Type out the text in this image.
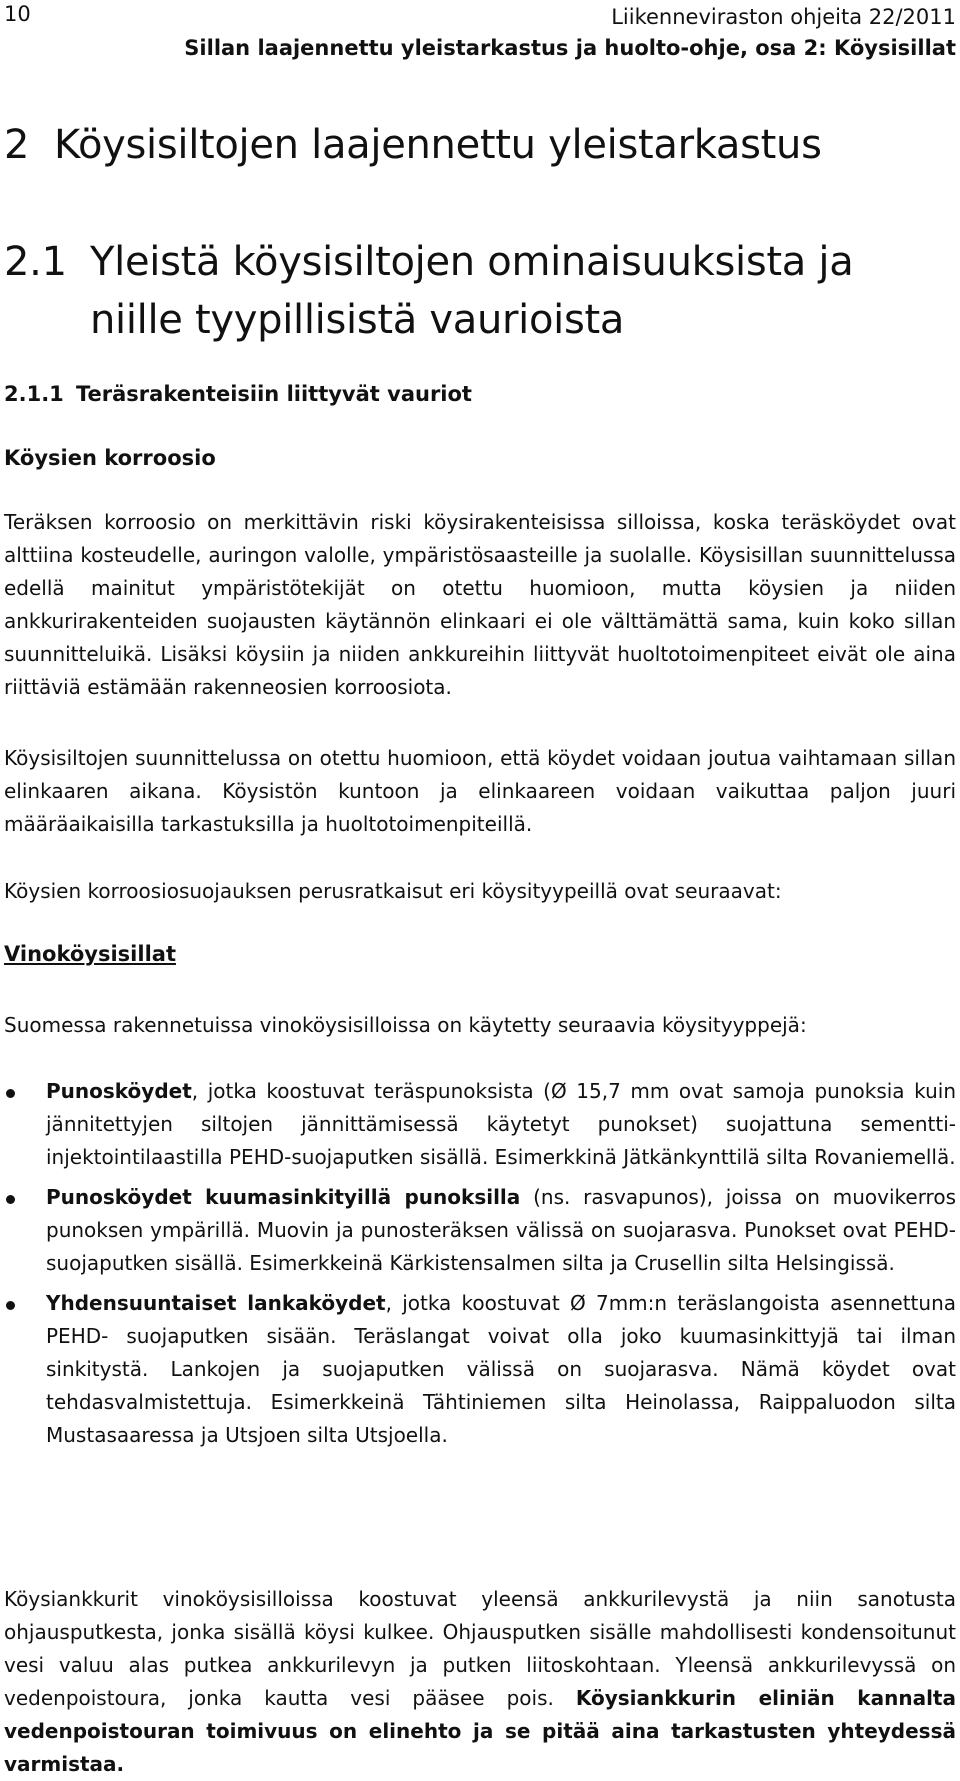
10	Liikenneviraston ohjeita 22/2011
Sillan laajennettu yleistarkastus ja huolto-ohje, osa 2: Köysisillat
2 Köysisiltojen laajennettu yleistarkastus
2.1 Yleistä köysisiltojen ominaisuuksista ja
niille tyypillisistä vaurioista
2.1.1 Teräsrakenteisiin liittyvät vauriot
Köysien korroosio
Teräksen korroosio on merkittävin riski köysirakenteisissa silloissa, koska teräsköydet ovat alttiina kosteudelle, auringon valolle, ympäristösaasteille ja suolalle. Köysisillan suunnittelussa edellä mainitut ympäristötekijät on otettu huomioon, mutta köysien ja niiden ankkurirakenteiden suojausten käytännön elinkaari ei ole välttämättä sama, kuin koko sillan suunnitteluikä. Lisäksi köysiin ja niiden ankkureihin liittyvät huoltotoimenpiteet eivät ole aina riittäviä estämään rakenneosien korroosiota.
Köysisiltojen suunnittelussa on otettu huomioon, että köydet voidaan joutua vaihtamaan sillan elinkaaren aikana. Köysistön kuntoon ja elinkaareen voidaan vaikuttaa paljon juuri määräaikaisilla tarkastuksilla ja huoltotoimenpiteillä.
Köysien korroosiosuojauksen perusratkaisut eri köysityypeillä ovat seuraavat:
Vinoköysisillat
Suomessa rakennetuissa vinoköysisilloissa on käytetty seuraavia köysityyppejä:
Punosköydet, jotka koostuvat teräspunoksista (Ø 15,7 mm ovat samoja punoksia kuin jännitettyjen siltojen jännittämisessä käytetyt punokset) suojattuna sementti-injektointilaastilla PEHD-suojaputken sisällä. Esimerkkinä Jätkänkynttilä silta Rovaniemellä.
Punosköydet kuumasinkityillä punoksilla (ns. rasvapunos), joissa on muovikerros punoksen ympärillä. Muovin ja punosteräksen välissä on suojarasva. Punokset ovat PEHD-suojaputken sisällä. Esimerkkeinä Kärkistensalmen silta ja Crusellin silta Helsingissä.
Yhdensuuntaiset lankaköydet, jotka koostuvat Ø 7mm:n teräslangoista asennettuna PEHD- suojaputken sisään. Teräslangat voivat olla joko kuumasinkittyjä tai ilman sinkitystä. Lankojen ja suojaputken välissä on suojarasva. Nämä köydet ovat tehdasvalmistettuja. Esimerkkeinä Tähtiniemen silta Heinolassa, Raippaluodon silta Mustasaaressa ja Utsjoen silta Utsjoella.
Köysiankkurit vinoköysisilloissa koostuvat yleensä ankkurilevystä ja niin sanotusta ohjausputkesta, jonka sisällä köysi kulkee. Ohjausputken sisälle mahdollisesti kondensoitunut vesi valuu alas putkea ankkurilevyn ja putken liitoskohtaan. Yleensä ankkurilevyssä on vedenpoistoura, jonka kautta vesi pääsee pois. Köysiankkurin eliniän kannalta vedenpoistouran toimivuus on elinehto ja se pitää aina tarkastusten yhteydessä varmistaa.
